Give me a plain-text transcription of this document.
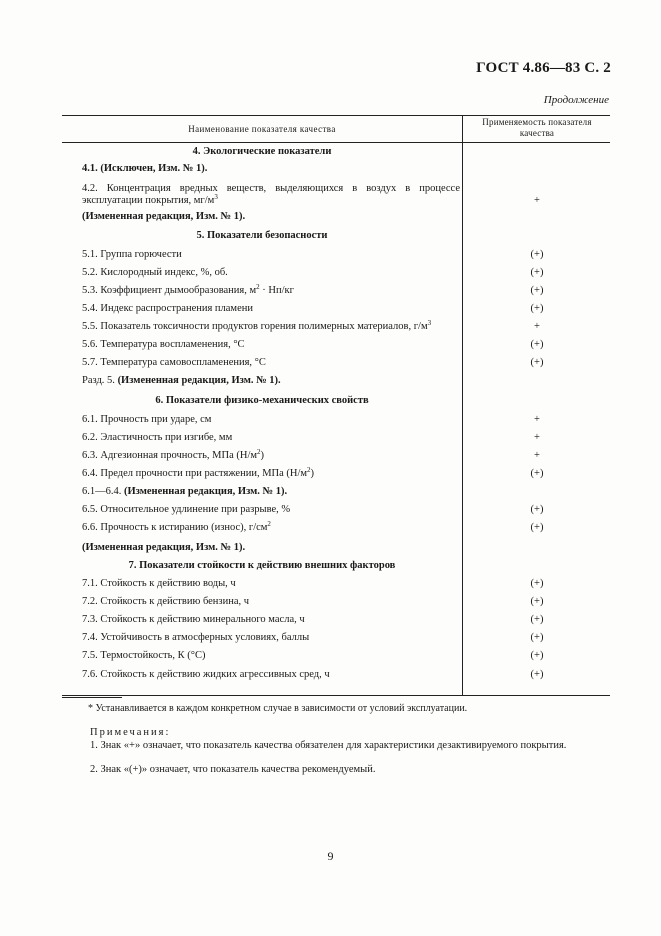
ГОСТ 4.86—83 С. 2
Продолжение
Наименование показателя качества
Применяемость показателя качества
4. Экологические показатели
4.1. (Исключен, Изм. № 1).
4.2. Концентрация вредных веществ, выделяющихся в воздух в процессе эксплуатации покрытия, $мг/м^3$	+
(Измененная редакция, Изм. № 1).
5. Показатели безопасности
5.1. Группа горючести	(+)
5.2. Кислородный индекс, %, об.	(+)
5.3. Коэффициент дымообразования, $м^2 \cdot Нп/кг$	(+)
5.4. Индекс распространения пламени	(+)
5.5. Показатель токсичности продуктов горения полимерных материалов, $г/м^3$	+
5.6. Температура воспламенения, °С	(+)
5.7. Температура самовоспламенения, °С	(+)
Разд. 5. (Измененная редакция, Изм. № 1).
6. Показатели физико-механических свойств
6.1. Прочность при ударе, см	+
6.2. Эластичность при изгибе, мм	+
6.3. Адгезионная прочность, МПа $(Н/м^2)$	+
6.4. Предел прочности при растяжении, МПа $(Н/м^2)$	(+)
6.1—6.4. (Измененная редакция, Изм. № 1).
6.5. Относительное удлинение при разрыве, %	(+)
6.6. Прочность к истиранию (износ), $г/см^2$	(+)
(Измененная редакция, Изм. № 1).
7. Показатели стойкости к действию внешних факторов
7.1. Стойкость к действию воды, ч	(+)
7.2. Стойкость к действию бензина, ч	(+)
7.3. Стойкость к действию минерального масла, ч	(+)
7.4. Устойчивость в атмосферных условиях, баллы	(+)
7.5. Термостойкость, К (°С)	(+)
7.6. Стойкость к действию жидких агрессивных сред, ч	(+)
* Устанавливается в каждом конкретном случае в зависимости от условий эксплуатации.
Примечания:
1. Знак «+» означает, что показатель качества обязателен для характеристики дезактивируемого покрытия.
2. Знак «(+)» означает, что показатель качества рекомендуемый.
9
